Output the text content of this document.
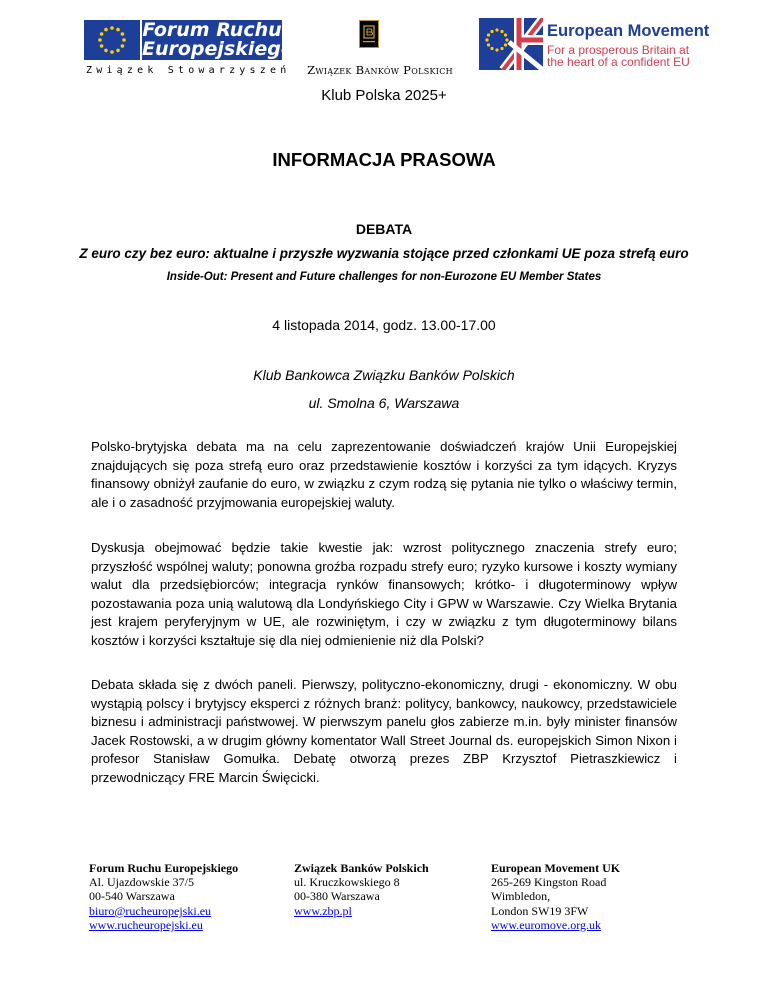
Forum Ruchu
Europejskiego
Związek Stowarzyszeń	Związek Banków Polskich
European Movement
For a prosperous Britain at
the heart of a confident EU
Klub Polska 2025+
INFORMACJA PRASOWA
DEBATA
Z euro czy bez euro: aktualne i przyszłe wyzwania stojące przed członkami UE poza strefą euro
Inside-Out: Present and Future challenges for non-Eurozone EU Member States
4 listopada 2014, godz. 13.00-17.00
Klub Bankowca Związku Banków Polskich
ul. Smolna 6, Warszawa

Polsko-brytyjska debata ma na celu zaprezentowanie doświadczeń krajów Unii Europejskiej znajdujących się poza strefą euro oraz przedstawienie kosztów i korzyści za tym idących. Kryzys finansowy obniżył zaufanie do euro, w związku z czym rodzą się pytania nie tylko o właściwy termin, ale i o zasadność przyjmowania europejskiej waluty.

Dyskusja obejmować będzie takie kwestie jak: wzrost politycznego znaczenia strefy euro; przyszłość wspólnej waluty; ponowna groźba rozpadu strefy euro; ryzyko kursowe i koszty wymiany walut dla przedsiębiorców; integracja rynków finansowych; krótko- i długoterminowy wpływ pozostawania poza unią walutową dla Londyńskiego City i GPW w Warszawie. Czy Wielka Brytania jest krajem peryferyjnym w UE, ale rozwiniętym, i czy w związku z tym długoterminowy bilans kosztów i korzyści kształtuje się dla niej odmienienie niż dla Polski?

Debata składa się z dwóch paneli. Pierwszy, polityczno-ekonomiczny, drugi - ekonomiczny. W obu wystąpią polscy i brytyjscy eksperci z różnych branż: politycy, bankowcy, naukowcy, przedstawiciele biznesu i administracji państwowej. W pierwszym panelu głos zabierze m.in. były minister finansów Jacek Rostowski, a w drugim główny komentator Wall Street Journal ds. europejskich Simon Nixon i profesor Stanisław Gomułka. Debatę otworzą prezes ZBP Krzysztof Pietraszkiewicz i przewodniczący FRE Marcin Święcicki.

Forum Ruchu Europejskiego
Al. Ujazdowskie 37/5
00-540 Warszawa
biuro@rucheuropejski.eu
www.rucheuropejski.eu
Związek Banków Polskich
ul. Kruczkowskiego 8
00-380 Warszawa
www.zbp.pl
European Movement UK
265-269 Kingston Road
Wimbledon,
London SW19 3FW
www.euromove.org.uk
